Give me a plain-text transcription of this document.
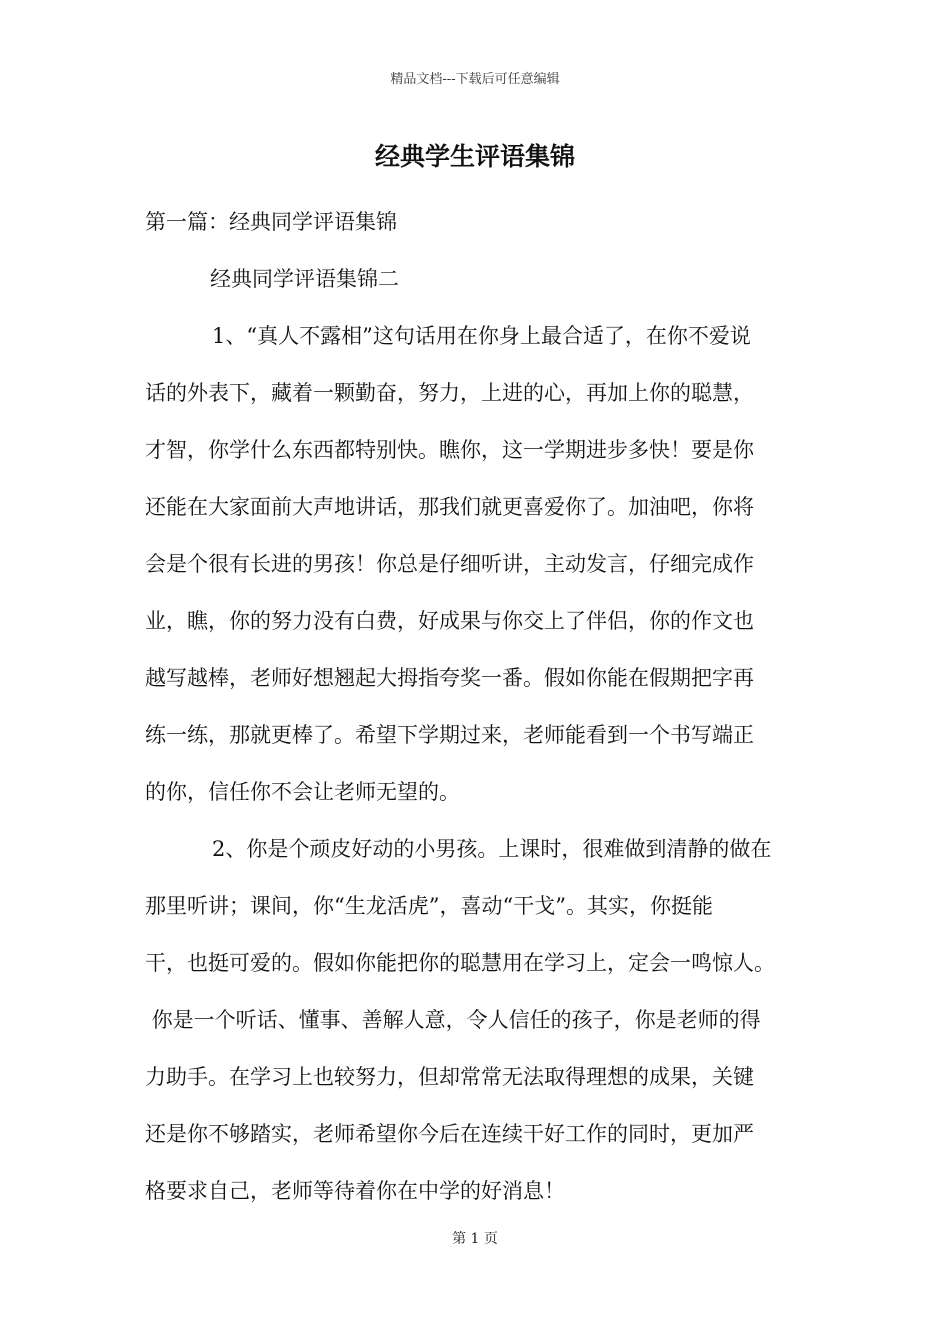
精品文档---下载后可任意编辑
经典学生评语集锦
第一篇：经典同学评语集锦
经典同学评语集锦二
1、“真人不露相”这句话用在你身上最合适了，在你不爱说
话的外表下，藏着一颗勤奋，努力，上进的心，再加上你的聪慧，
才智，你学什么东西都特别快。瞧你，这一学期进步多快！要是你
还能在大家面前大声地讲话，那我们就更喜爱你了。加油吧，你将
会是个很有长进的男孩！你总是仔细听讲，主动发言，仔细完成作
业，瞧，你的努力没有白费，好成果与你交上了伴侣，你的作文也
越写越棒，老师好想翘起大拇指夸奖一番。假如你能在假期把字再
练一练，那就更棒了。希望下学期过来，老师能看到一个书写端正
的你，信任你不会让老师无望的。
2、你是个顽皮好动的小男孩。上课时，很难做到清静的做在
那里听讲；课间，你“生龙活虎”，喜动“干戈”。其实，你挺能
干，也挺可爱的。假如你能把你的聪慧用在学习上，定会一鸣惊人。
你是一个听话、懂事、善解人意，令人信任的孩子，你是老师的得
力助手。在学习上也较努力，但却常常无法取得理想的成果，关键
还是你不够踏实，老师希望你今后在连续干好工作的同时，更加严
格要求自己，老师等待着你在中学的好消息！
第 1 页
